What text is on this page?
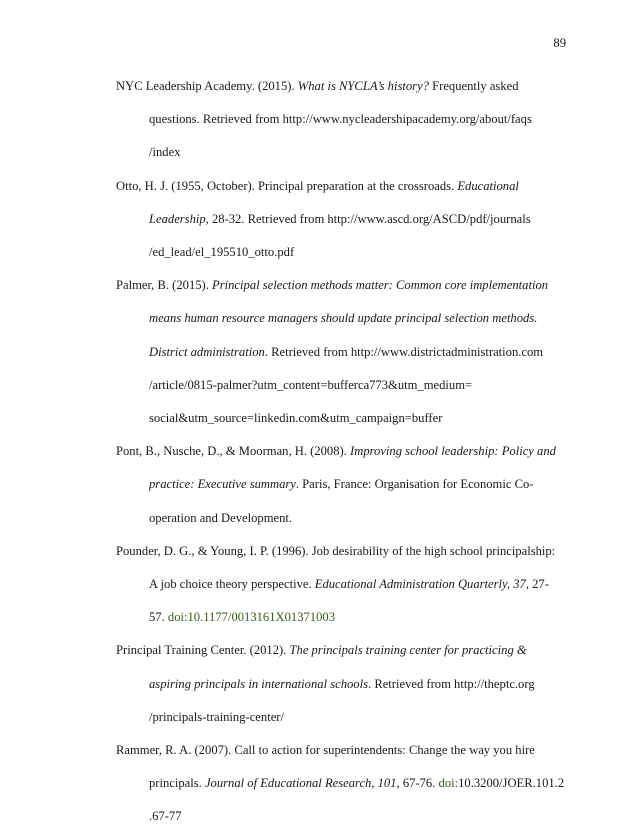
89
NYC Leadership Academy. (2015). What is NYCLA’s history? Frequently asked
questions. Retrieved from http://www.nycleadershipacademy.org/about/faqs
/index
Otto, H. J. (1955, October). Principal preparation at the crossroads. Educational
Leadership, 28-32. Retrieved from http://www.ascd.org/ASCD/pdf/journals
/ed_lead/el_195510_otto.pdf
Palmer, B. (2015). Principal selection methods matter: Common core implementation
means human resource managers should update principal selection methods.
District administration. Retrieved from http://www.districtadministration.com
/article/0815-palmer?utm_content=bufferca773&utm_medium=
social&utm_source=linkedin.com&utm_campaign=buffer
Pont, B., Nusche, D., & Moorman, H. (2008). Improving school leadership: Policy and
practice: Executive summary. Paris, France: Organisation for Economic Co-
operation and Development.
Pounder, D. G., & Young, I. P. (1996). Job desirability of the high school principalship:
A job choice theory perspective. Educational Administration Quarterly, 37, 27-
57. doi:10.1177/0013161X01371003
Principal Training Center. (2012). The principals training center for practicing &
aspiring principals in international schools. Retrieved from http://theptc.org
/principals-training-center/
Rammer, R. A. (2007). Call to action for superintendents: Change the way you hire
principals. Journal of Educational Research, 101, 67-76. doi:10.3200/JOER.101.2
.67-77
